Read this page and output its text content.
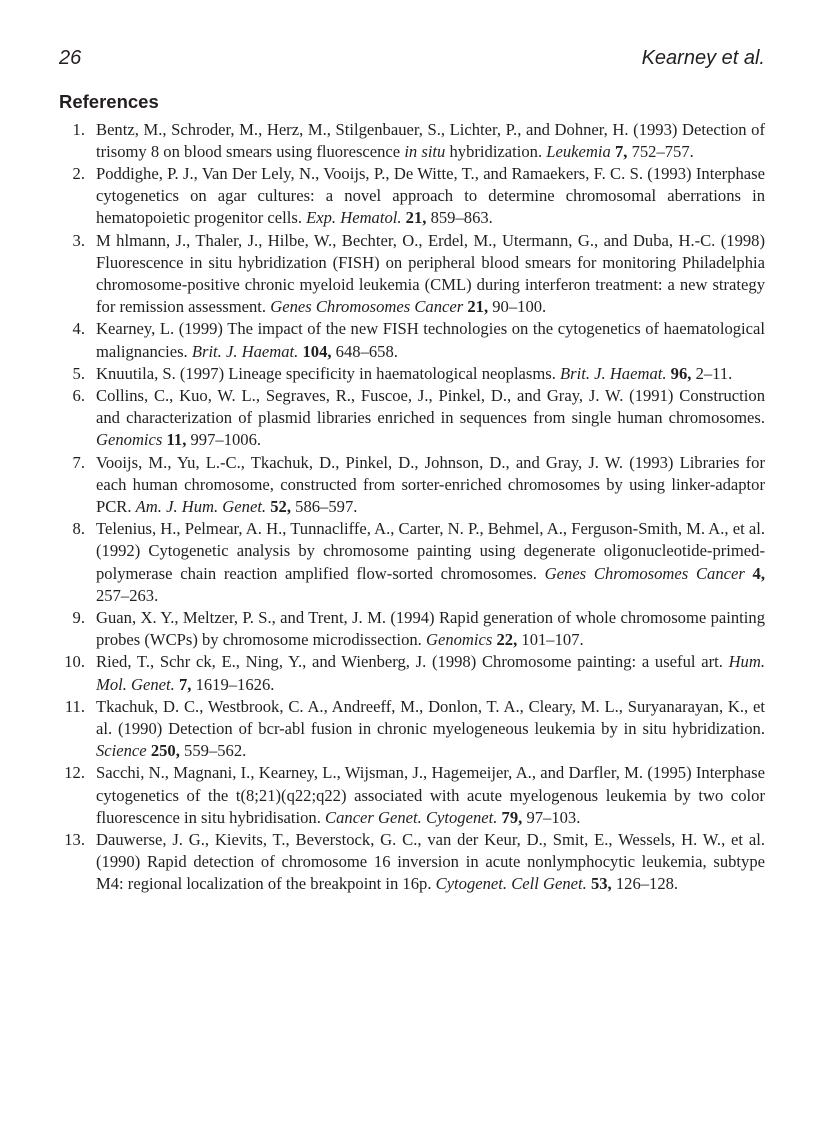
26	Kearney et al.
References
1. Bentz, M., Schroder, M., Herz, M., Stilgenbauer, S., Lichter, P., and Dohner, H. (1993) Detection of trisomy 8 on blood smears using fluorescence in situ hybridization. Leukemia 7, 752–757.
2. Poddighe, P. J., Van Der Lely, N., Vooijs, P., De Witte, T., and Ramaekers, F. C. S. (1993) Interphase cytogenetics on agar cultures: a novel approach to determine chromosomal aberrations in hematopoietic progenitor cells. Exp. Hematol. 21, 859–863.
3. M hlmann, J., Thaler, J., Hilbe, W., Bechter, O., Erdel, M., Utermann, G., and Duba, H.-C. (1998) Fluorescence in situ hybridization (FISH) on peripheral blood smears for monitoring Philadelphia chromosome-positive chronic myeloid leukemia (CML) during interferon treatment: a new strategy for remission assessment. Genes Chromosomes Cancer 21, 90–100.
4. Kearney, L. (1999) The impact of the new FISH technologies on the cytogenetics of haematological malignancies. Brit. J. Haemat. 104, 648–658.
5. Knuutila, S. (1997) Lineage specificity in haematological neoplasms. Brit. J. Haemat. 96, 2–11.
6. Collins, C., Kuo, W. L., Segraves, R., Fuscoe, J., Pinkel, D., and Gray, J. W. (1991) Construction and characterization of plasmid libraries enriched in sequences from single human chromosomes. Genomics 11, 997–1006.
7. Vooijs, M., Yu, L.-C., Tkachuk, D., Pinkel, D., Johnson, D., and Gray, J. W. (1993) Libraries for each human chromosome, constructed from sorter-enriched chromosomes by using linker-adaptor PCR. Am. J. Hum. Genet. 52, 586–597.
8. Telenius, H., Pelmear, A. H., Tunnacliffe, A., Carter, N. P., Behmel, A., Ferguson-Smith, M. A., et al. (1992) Cytogenetic analysis by chromosome painting using degenerate oligonucleotide-primed-polymerase chain reaction amplified flow-sorted chromosomes. Genes Chromosomes Cancer 4, 257–263.
9. Guan, X. Y., Meltzer, P. S., and Trent, J. M. (1994) Rapid generation of whole chromosome painting probes (WCPs) by chromosome microdissection. Genomics 22, 101–107.
10. Ried, T., Schr ck, E., Ning, Y., and Wienberg, J. (1998) Chromosome painting: a useful art. Hum. Mol. Genet. 7, 1619–1626.
11. Tkachuk, D. C., Westbrook, C. A., Andreeff, M., Donlon, T. A., Cleary, M. L., Suryanarayan, K., et al. (1990) Detection of bcr-abl fusion in chronic myelogeneous leukemia by in situ hybridization. Science 250, 559–562.
12. Sacchi, N., Magnani, I., Kearney, L., Wijsman, J., Hagemeijer, A., and Darfler, M. (1995) Interphase cytogenetics of the t(8;21)(q22;q22) associated with acute myelogenous leukemia by two color fluorescence in situ hybridisation. Cancer Genet. Cytogenet. 79, 97–103.
13. Dauwerse, J. G., Kievits, T., Beverstock, G. C., van der Keur, D., Smit, E., Wessels, H. W., et al. (1990) Rapid detection of chromosome 16 inversion in acute nonlymphocytic leukemia, subtype M4: regional localization of the breakpoint in 16p. Cytogenet. Cell Genet. 53, 126–128.
